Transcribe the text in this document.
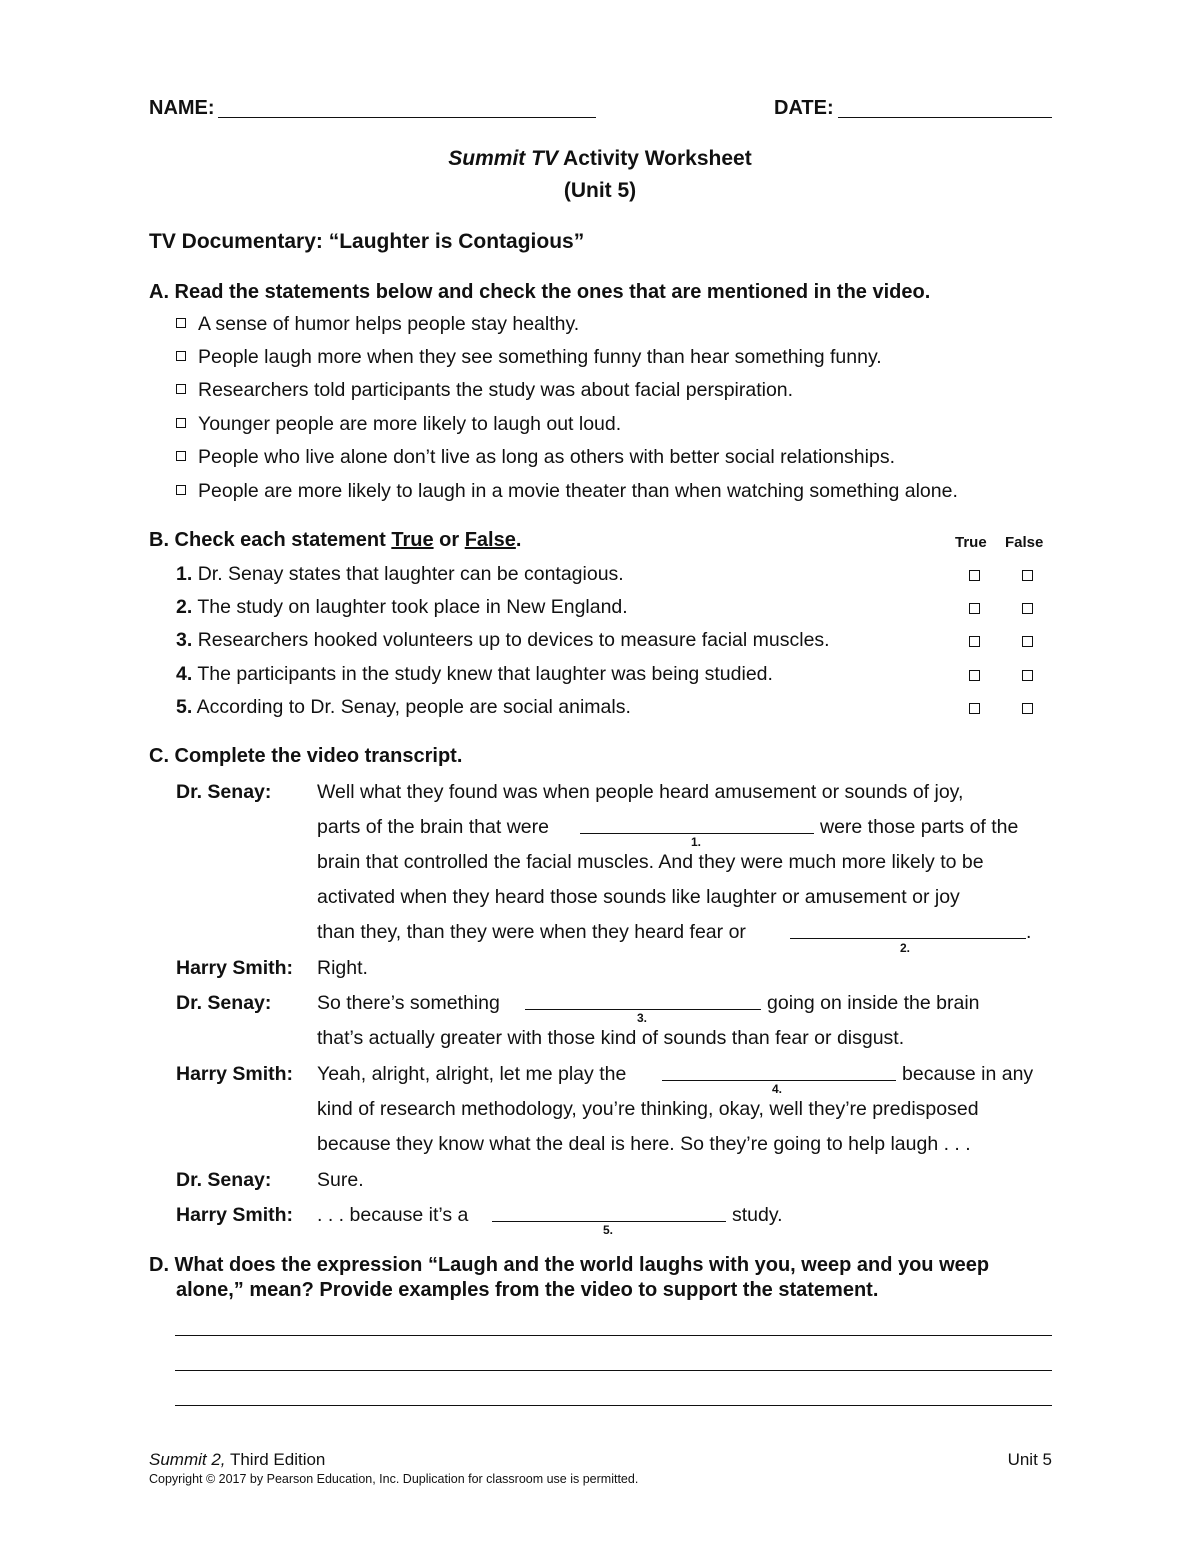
NAME:	DATE:
Summit TV Activity Worksheet
(Unit 5)
TV Documentary: “Laughter is Contagious”
A. Read the statements below and check the ones that are mentioned in the video.
A sense of humor helps people stay healthy.
People laugh more when they see something funny than hear something funny.
Researchers told participants the study was about facial perspiration.
Younger people are more likely to laugh out loud.
People who live alone don’t live as long as others with better social relationships.
People are more likely to laugh in a movie theater than when watching something alone.
B. Check each statement True or False.	True False
1. Dr. Senay states that laughter can be contagious.
2. The study on laughter took place in New England.
3. Researchers hooked volunteers up to devices to measure facial muscles.
4. The participants in the study knew that laughter was being studied.
5. According to Dr. Senay, people are social animals.
C. Complete the video transcript.
Dr. Senay: Well what they found was when people heard amusement or sounds of joy,
parts of the brain that were
1.
were those parts of the
brain that controlled the facial muscles. And they were much more likely to be
activated when they heard those sounds like laughter or amusement or joy
than they, than they were when they heard fear or
2.
.
Harry Smith: Right.
Dr. Senay: So there’s something
3.
going on inside the brain
that’s actually greater with those kind of sounds than fear or disgust.
Harry Smith: Yeah, alright, alright, let me play the
4.
because in any
kind of research methodology, you’re thinking, okay, well they’re predisposed
because they know what the deal is here. So they’re going to help laugh . . .
Dr. Senay: Sure.
Harry Smith: . . . because it’s a
5.
study.
D. What does the expression “Laugh and the world laughs with you, weep and you weep
alone,” mean? Provide examples from the video to support the statement.
Summit 2, Third Edition	Unit 5
Copyright © 2017 by Pearson Education, Inc. Duplication for classroom use is permitted.
